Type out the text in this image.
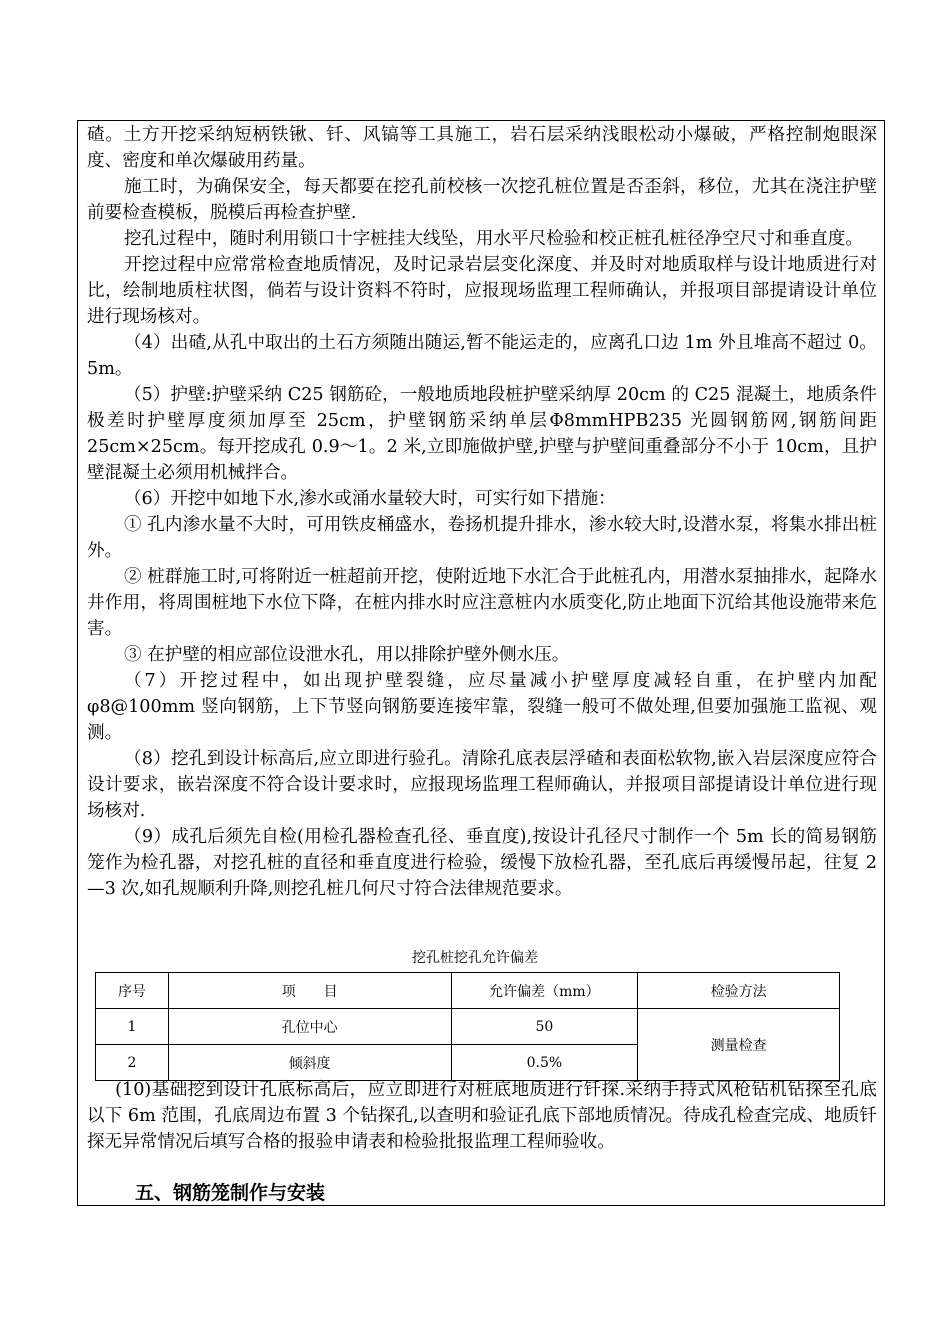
碴。土方开挖采纳短柄铁锹、钎、风镐等工具施工，岩石层采纳浅眼松动小爆破，严格控制炮眼深度、密度和单次爆破用药量。

施工时，为确保安全，每天都要在挖孔前校核一次挖孔桩位置是否歪斜，移位，尤其在浇注护壁前要检查模板，脱模后再检查护壁.

挖孔过程中，随时利用锁口十字桩挂大线坠，用水平尺检验和校正桩孔桩径净空尺寸和垂直度。

开挖过程中应常常检查地质情况，及时记录岩层变化深度、并及时对地质取样与设计地质进行对比，绘制地质柱状图，倘若与设计资料不符时，应报现场监理工程师确认，并报项目部提请设计单位进行现场核对。

（4）出碴,从孔中取出的土石方须随出随运,暂不能运走的，应离孔口边 1m 外且堆高不超过 0。5m。

（5）护壁:护壁采纳 C25 钢筋砼，一般地质地段桩护壁采纳厚 20cm 的 C25 混凝土，地质条件极差时护壁厚度须加厚至 25cm，护壁钢筋采纳单层Φ8mmHPB235 光圆钢筋网,钢筋间距 25cm×25cm。每开挖成孔 0.9～1。2 米,立即施做护壁,护壁与护壁间重叠部分不小于 10cm，且护壁混凝土必须用机械拌合。

（6）开挖中如地下水,渗水或涌水量较大时，可实行如下措施：

① 孔内渗水量不大时，可用铁皮桶盛水，卷扬机提升排水，渗水较大时,设潜水泵，将集水排出桩外。

② 桩群施工时,可将附近一桩超前开挖，使附近地下水汇合于此桩孔内，用潜水泵抽排水，起降水井作用，将周围桩地下水位下降，在桩内排水时应注意桩内水质变化,防止地面下沉给其他设施带来危害。

③ 在护壁的相应部位设泄水孔，用以排除护壁外侧水压。

（7）开挖过程中，如出现护壁裂缝，应尽量减小护壁厚度减轻自重，在护壁内加配 φ8@100mm 竖向钢筋，上下节竖向钢筋要连接牢靠，裂缝一般可不做处理,但要加强施工监视、观测。

（8）挖孔到设计标高后,应立即进行验孔。清除孔底表层浮碴和表面松软物,嵌入岩层深度应符合设计要求，嵌岩深度不符合设计要求时，应报现场监理工程师确认，并报项目部提请设计单位进行现场核对.

（9）成孔后须先自检(用检孔器检查孔径、垂直度),按设计孔径尺寸制作一个 5m 长的简易钢筋笼作为检孔器，对挖孔桩的直径和垂直度进行检验，缓慢下放检孔器，至孔底后再缓慢吊起，往复 2—3 次,如孔规顺利升降,则挖孔桩几何尺寸符合法律规范要求。

挖孔桩挖孔允许偏差
序号	项　　目	允许偏差（mm）	检验方法
1	孔位中心	50	测量检查
2	倾斜度	0.5%	

(10)基础挖到设计孔底标高后，应立即进行对桩底地质进行钎探.采纳手持式风枪钻机钻探至孔底以下 6m 范围，孔底周边布置 3 个钻探孔,以查明和验证孔底下部地质情况。待成孔检查完成、地质钎探无异常情况后填写合格的报验申请表和检验批报监理工程师验收。

五、钢筋笼制作与安装
